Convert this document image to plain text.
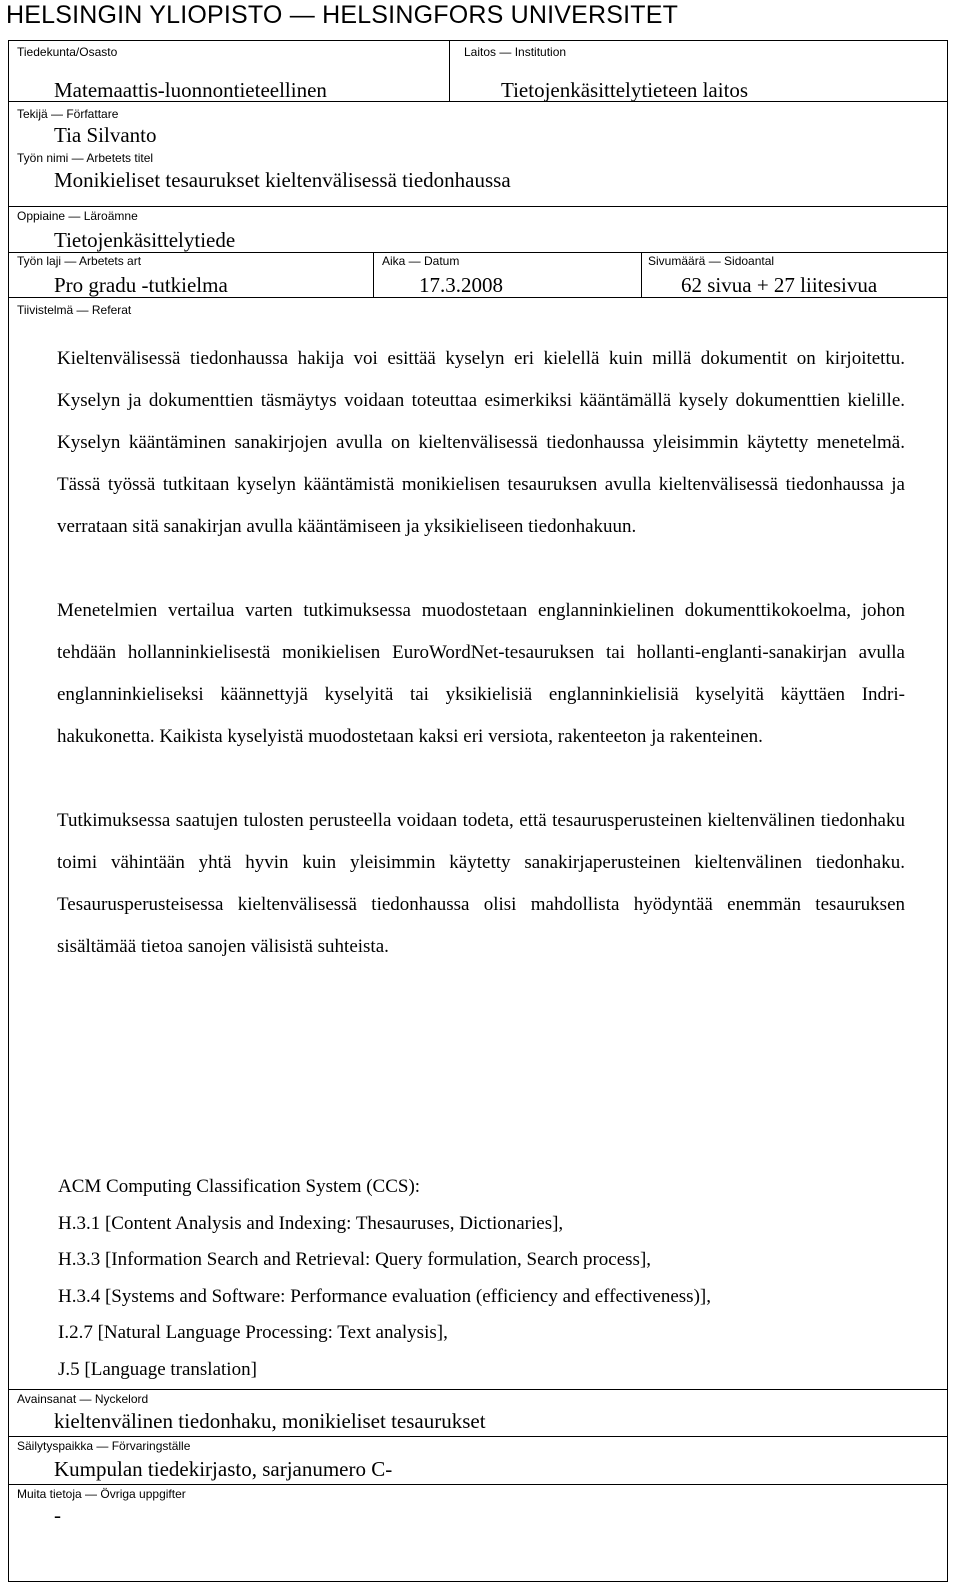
HELSINGIN YLIOPISTO — HELSINGFORS UNIVERSITET
Tiedekunta/Osasto
Matemaattis-luonnontieteellinen
Laitos — Institution
Tietojenkäsittelytieteen laitos
Tekijä — Författare
Tia Silvanto
Työn nimi — Arbetets titel
Monikieliset tesaurukset kieltenvälisessä tiedonhaussa
Oppiaine — Läroämne
Tietojenkäsittelytiede
Työn laji — Arbetets art
Pro gradu -tutkielma
Aika — Datum
17.3.2008
Sivumäärä — Sidoantal
62 sivua + 27 liitesivua
Tiivistelmä — Referat

Kieltenvälisessä tiedonhaussa hakija voi esittää kyselyn eri kielellä kuin millä dokumentit on kirjoitettu. Kyselyn ja dokumenttien täsmäytys voidaan toteuttaa esimerkiksi kääntämällä kysely dokumenttien kielille. Kyselyn kääntäminen sanakirjojen avulla on kieltenvälisessä tiedonhaussa yleisimmin käytetty menetelmä. Tässä työssä tutkitaan kyselyn kääntämistä monikielisen tesauruksen avulla kieltenvälisessä tiedonhaussa ja verrataan sitä sanakirjan avulla kääntämiseen ja yksikieliseen tiedonhakuun.

Menetelmien vertailua varten tutkimuksessa muodostetaan englanninkielinen dokumenttikokoelma, johon tehdään hollanninkielisestä monikielisen EuroWordNet-tesauruksen tai hollanti-englanti-sanakirjan avulla englanninkieliseksi käännettyjä kyselyitä tai yksikielisiä englanninkielisiä kyselyitä käyttäen Indri-hakukonetta. Kaikista kyselyistä muodostetaan kaksi eri versiota, rakenteeton ja rakenteinen.

Tutkimuksessa saatujen tulosten perusteella voidaan todeta, että tesaurusperusteinen kieltenvälinen tiedonhaku toimi vähintään yhtä hyvin kuin yleisimmin käytetty sanakirjaperusteinen kieltenvälinen tiedonhaku. Tesaurusperusteisessa kieltenvälisessä tiedonhaussa olisi mahdollista hyödyntää enemmän tesauruksen sisältämää tietoa sanojen välisistä suhteista.

ACM Computing Classification System (CCS):
H.3.1 [Content Analysis and Indexing: Thesauruses, Dictionaries],
H.3.3 [Information Search and Retrieval: Query formulation, Search process],
H.3.4 [Systems and Software: Performance evaluation (efficiency and effectiveness)],
I.2.7 [Natural Language Processing: Text analysis],
J.5 [Language translation]
Avainsanat — Nyckelord
kieltenvälinen tiedonhaku, monikieliset tesaurukset
Säilytyspaikka — Förvaringställe
Kumpulan tiedekirjasto, sarjanumero C-
Muita tietoja — Övriga uppgifter
-
